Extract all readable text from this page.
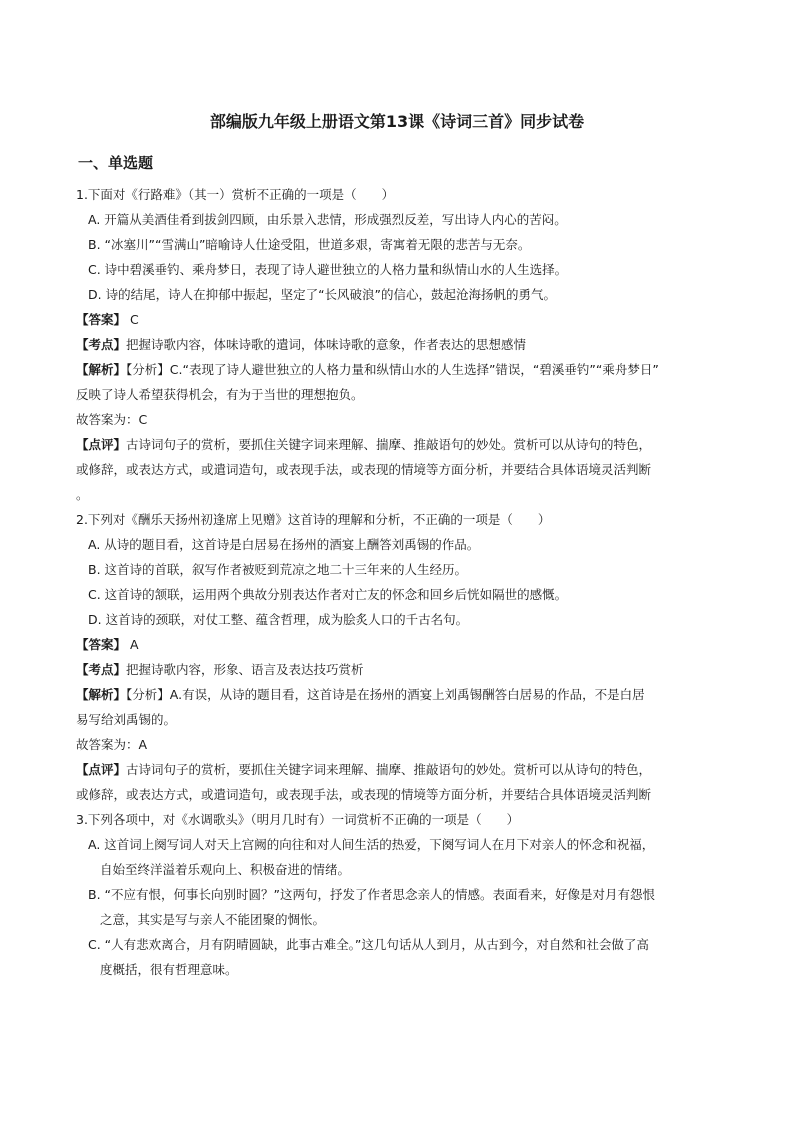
部编版九年级上册语文第13课《诗词三首》同步试卷
一、单选题

1.下面对《行路难》（其一）赏析不正确的一项是（　　）

A. 开篇从美酒佳肴到拔剑四顾，由乐景入悲情，形成强烈反差，写出诗人内心的苦闷。

B. “冰塞川”“雪满山”暗喻诗人仕途受阻，世道多艰，寄寓着无限的悲苦与无奈。

C. 诗中碧溪垂钓、乘舟梦日，表现了诗人避世独立的人格力量和纵情山水的人生选择。

D. 诗的结尾，诗人在抑郁中振起，坚定了“长风破浪”的信心，鼓起沧海扬帆的勇气。

【答案】 C

【考点】把握诗歌内容，体味诗歌的遣词，体味诗歌的意象，作者表达的思想感情

【解析】【分析】C.“表现了诗人避世独立的人格力量和纵情山水的人生选择”错误，“碧溪垂钓”“乘舟梦日”

反映了诗人希望获得机会，有为于当世的理想抱负。

故答案为：C

【点评】古诗词句子的赏析，要抓住关键字词来理解、揣摩、推敲语句的妙处。赏析可以从诗句的特色，

或修辞，或表达方式，或遣词造句，或表现手法，或表现的情境等方面分析，并要结合具体语境灵活判断

。

2.下列对《酬乐天扬州初逢席上见赠》这首诗的理解和分析，不正确的一项是（　　）

A. 从诗的题目看，这首诗是白居易在扬州的酒宴上酬答刘禹锡的作品。

B. 这首诗的首联，叙写作者被贬到荒凉之地二十三年来的人生经历。

C. 这首诗的颔联，运用两个典故分别表达作者对亡友的怀念和回乡后恍如隔世的感慨。

D. 这首诗的颈联，对仗工整、蕴含哲理，成为脍炙人口的千古名句。

【答案】 A

【考点】把握诗歌内容，形象、语言及表达技巧赏析

【解析】【分析】A.有误，从诗的题目看，这首诗是在扬州的酒宴上刘禹锡酬答白居易的作品，不是白居

易写给刘禹锡的。

故答案为：A

【点评】古诗词句子的赏析，要抓住关键字词来理解、揣摩、推敲语句的妙处。赏析可以从诗句的特色，

或修辞，或表达方式，或遣词造句，或表现手法，或表现的情境等方面分析，并要结合具体语境灵活判断

3.下列各项中，对《水调歌头》（明月几时有）一词赏析不正确的一项是（　　）

A. 这首词上阕写词人对天上宫阙的向往和对人间生活的热爱，下阕写词人在月下对亲人的怀念和祝福，

自始至终洋溢着乐观向上、积极奋进的情绪。

B. “不应有恨，何事长向别时圆？”这两句，抒发了作者思念亲人的情感。表面看来，好像是对月有怨恨

之意，其实是写与亲人不能团聚的惆怅。

C. “人有悲欢离合，月有阴晴圆缺，此事古难全。”这几句话从人到月，从古到今，对自然和社会做了高

度概括，很有哲理意味。
